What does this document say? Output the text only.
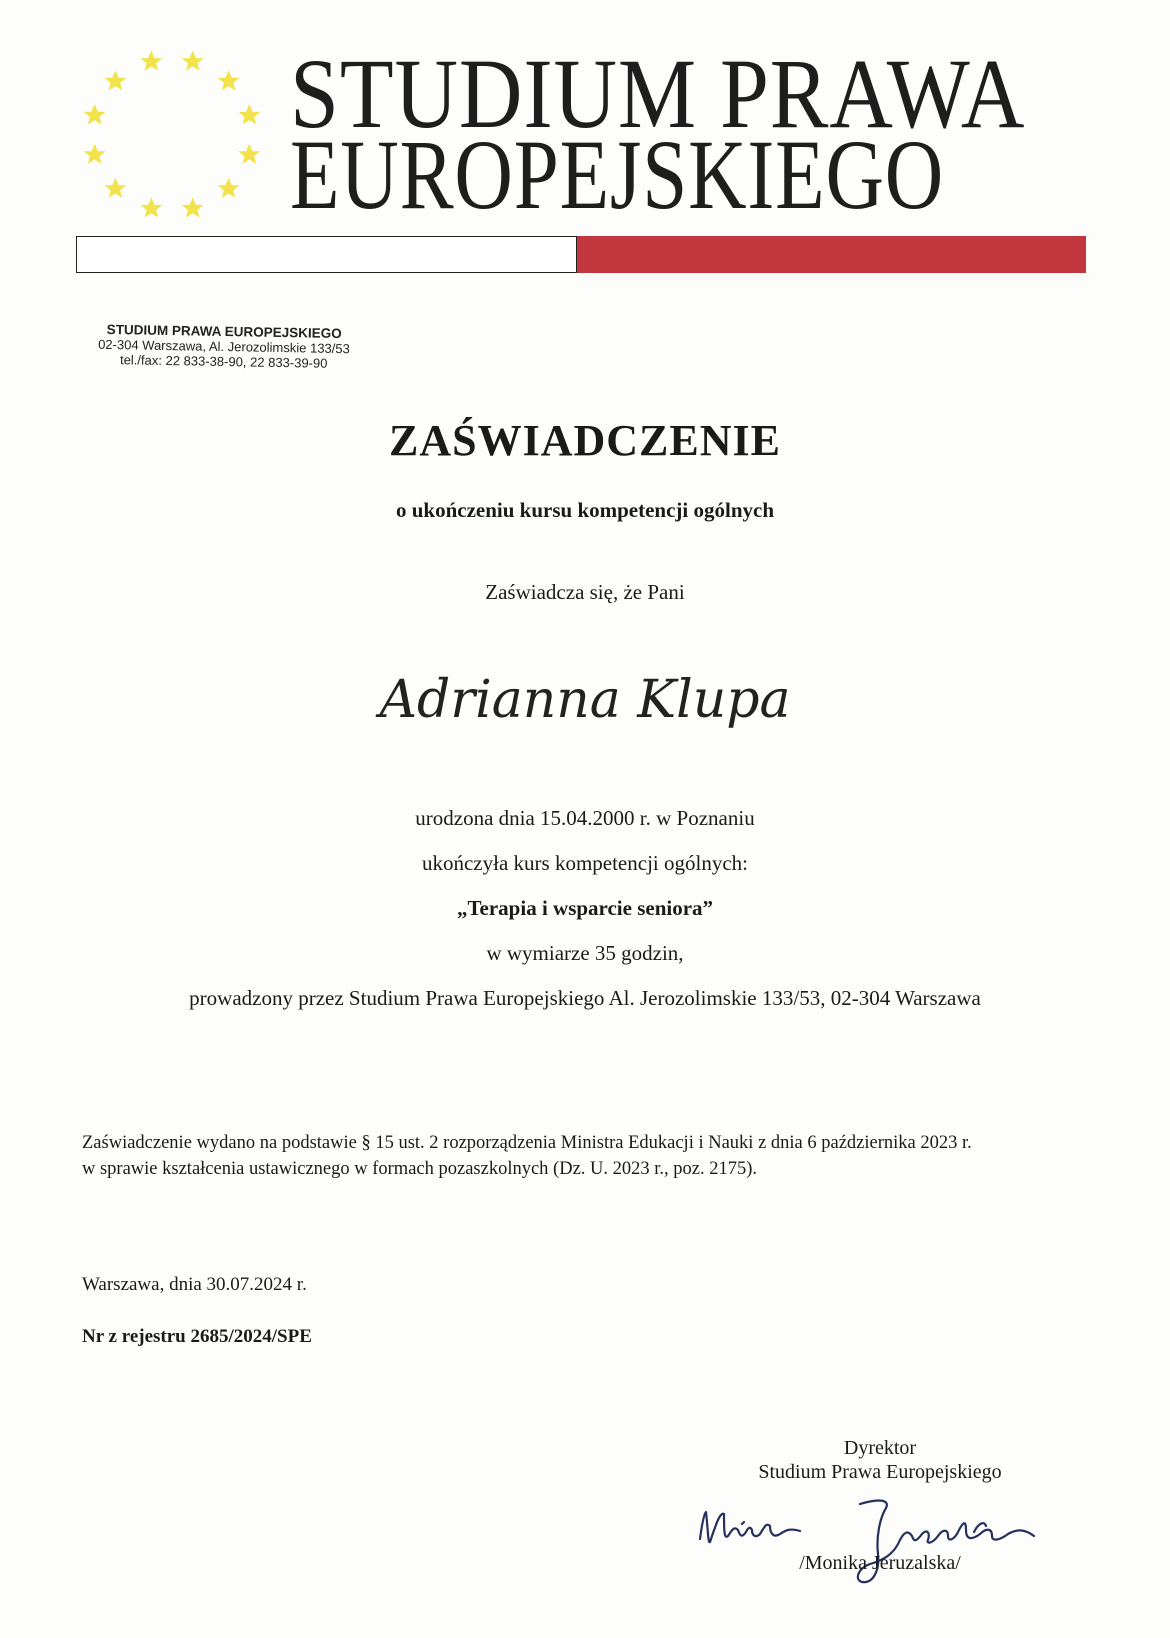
STUDIUM PRAWA
EUROPEJSKIEGO
STUDIUM PRAWA EUROPEJSKIEGO
02-304 Warszawa, Al. Jerozolimskie 133/53
tel./fax: 22 833-38-90, 22 833-39-90
ZAŚWIADCZENIE
o ukończeniu kursu kompetencji ogólnych
Zaświadcza się, że Pani
Adrianna Klupa
urodzona dnia 15.04.2000 r. w Poznaniu
ukończyła kurs kompetencji ogólnych:
„Terapia i wsparcie seniora”
w wymiarze 35 godzin,
prowadzony przez Studium Prawa Europejskiego Al. Jerozolimskie 133/53, 02-304 Warszawa
Zaświadczenie wydano na podstawie § 15 ust. 2 rozporządzenia Ministra Edukacji i Nauki z dnia 6 października 2023 r.
w sprawie kształcenia ustawicznego w formach pozaszkolnych (Dz. U. 2023 r., poz. 2175).
Warszawa, dnia 30.07.2024 r.
Nr z rejestru 2685/2024/SPE
Dyrektor
Studium Prawa Europejskiego
/Monika Jeruzalska/
